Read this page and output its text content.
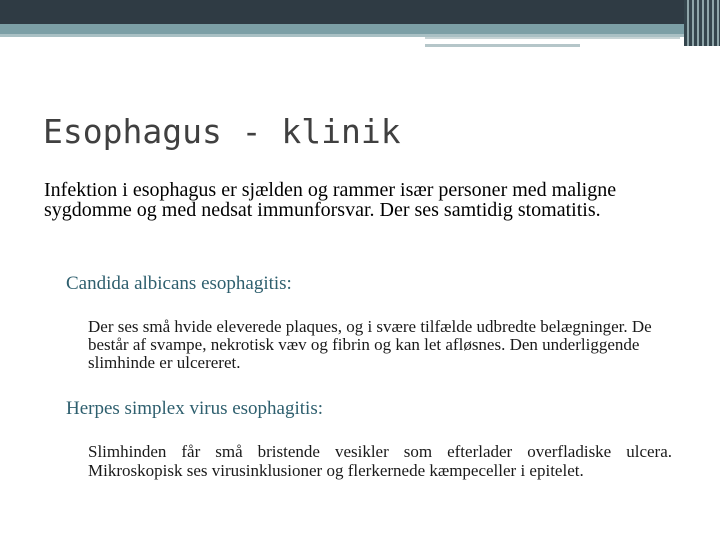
Esophagus - klinik

Infektion i esophagus er sjælden og rammer især personer med maligne sygdomme og med nedsat immunforsvar. Der ses samtidig stomatitis.

Candida albicans esophagitis:

Der ses små hvide eleverede plaques, og i svære tilfælde udbredte belægninger. De består af svampe, nekrotisk væv og fibrin og kan let afløsnes. Den underliggende slimhinde er ulcereret.

Herpes simplex virus esophagitis:

Slimhinden får små bristende vesikler som efterlader overfladiske ulcera. Mikroskopisk ses virusinklusioner og flerkernede kæmpeceller i epitelet.
